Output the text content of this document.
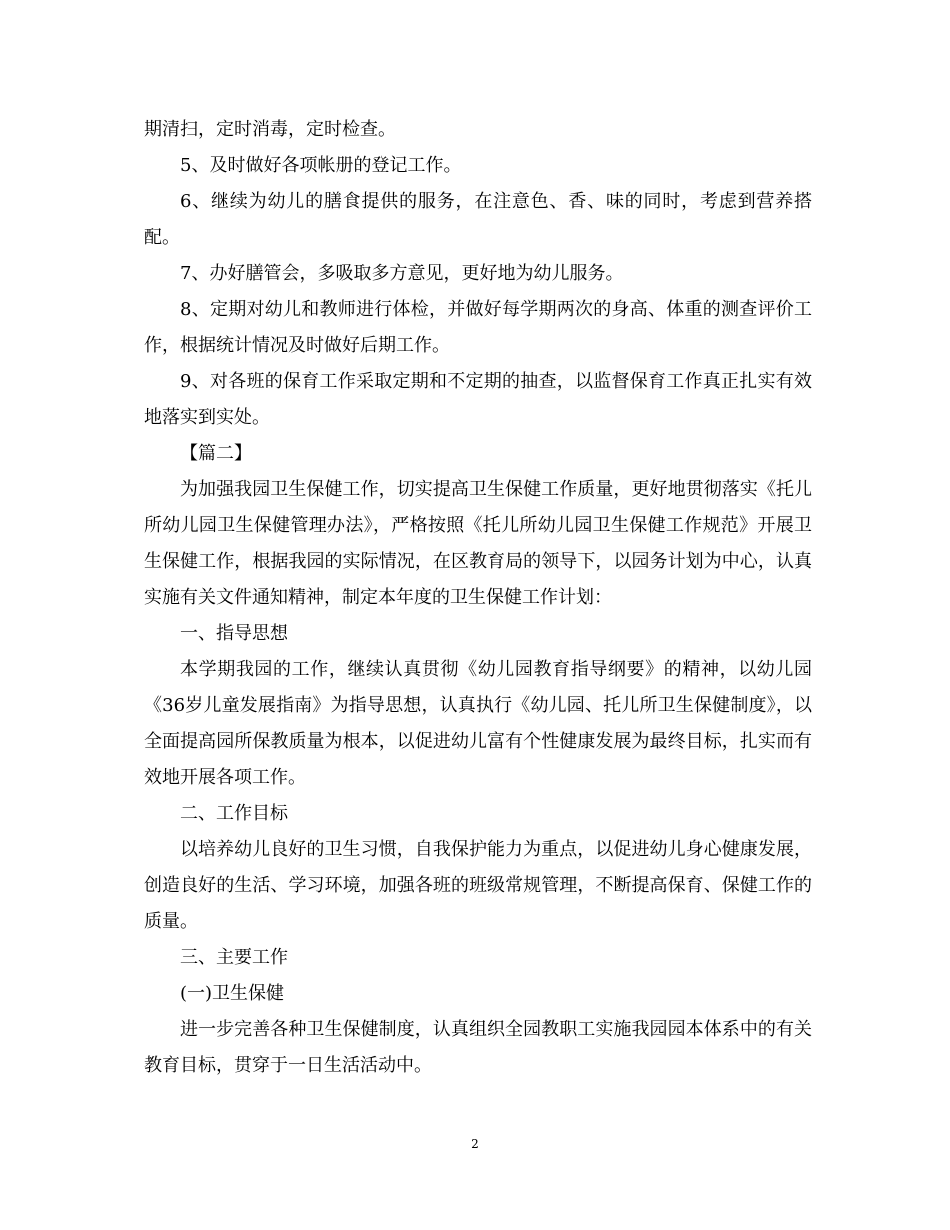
期清扫，定时消毒，定时检查。

5、及时做好各项帐册的登记工作。

6、继续为幼儿的膳食提供的服务，在注意色、香、味的同时，考虑到营养搭配。

7、办好膳管会，多吸取多方意见，更好地为幼儿服务。

8、定期对幼儿和教师进行体检，并做好每学期两次的身高、体重的测查评价工作，根据统计情况及时做好后期工作。

9、对各班的保育工作采取定期和不定期的抽查，以监督保育工作真正扎实有效地落实到实处。

【篇二】

为加强我园卫生保健工作，切实提高卫生保健工作质量，更好地贯彻落实《托儿所幼儿园卫生保健管理办法》，严格按照《托儿所幼儿园卫生保健工作规范》开展卫生保健工作，根据我园的实际情况，在区教育局的领导下，以园务计划为中心，认真实施有关文件通知精神，制定本年度的卫生保健工作计划：

一、指导思想

本学期我园的工作，继续认真贯彻《幼儿园教育指导纲要》的精神，以幼儿园《36岁儿童发展指南》为指导思想，认真执行《幼儿园、托儿所卫生保健制度》，以全面提高园所保教质量为根本，以促进幼儿富有个性健康发展为最终目标，扎实而有效地开展各项工作。

二、工作目标

以培养幼儿良好的卫生习惯，自我保护能力为重点，以促进幼儿身心健康发展，创造良好的生活、学习环境，加强各班的班级常规管理，不断提高保育、保健工作的质量。

三、主要工作

(一)卫生保健

进一步完善各种卫生保健制度，认真组织全园教职工实施我园园本体系中的有关教育目标，贯穿于一日生活活动中。

2
